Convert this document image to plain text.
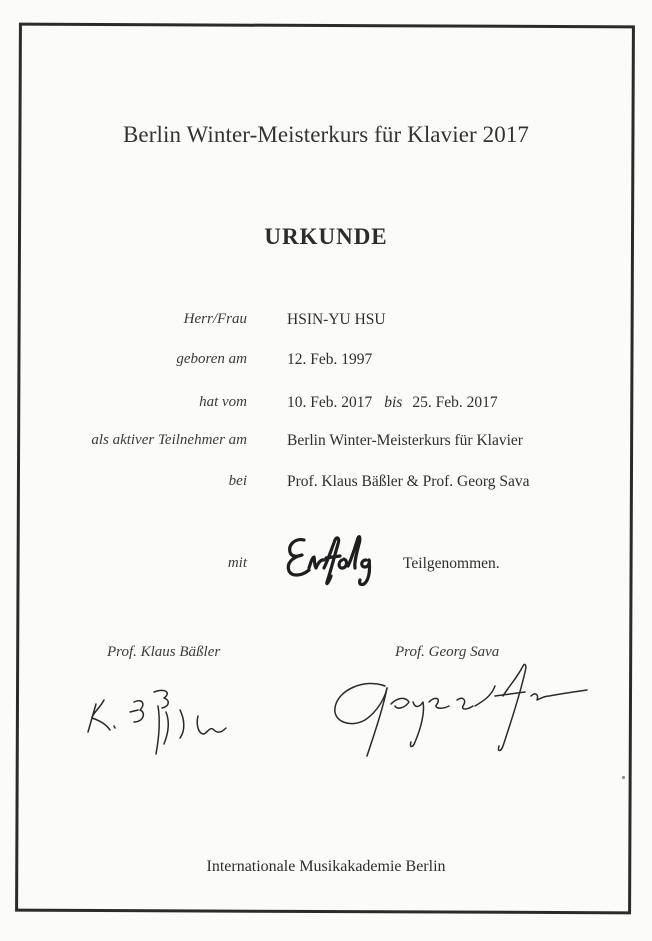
Berlin Winter-Meisterkurs für Klavier 2017
URKUNDE
Herr/Frau	HSIN-YU HSU
geboren am	12. Feb. 1997
hat vom	10. Feb. 2017 bis 25. Feb. 2017
als aktiver Teilnehmer am	Berlin Winter-Meisterkurs für Klavier
bei	Prof. Klaus Bäßler & Prof. Georg Sava
mit	Teilgenommen.
Prof. Klaus Bäßler	Prof. Georg Sava
Internationale Musikakademie Berlin
